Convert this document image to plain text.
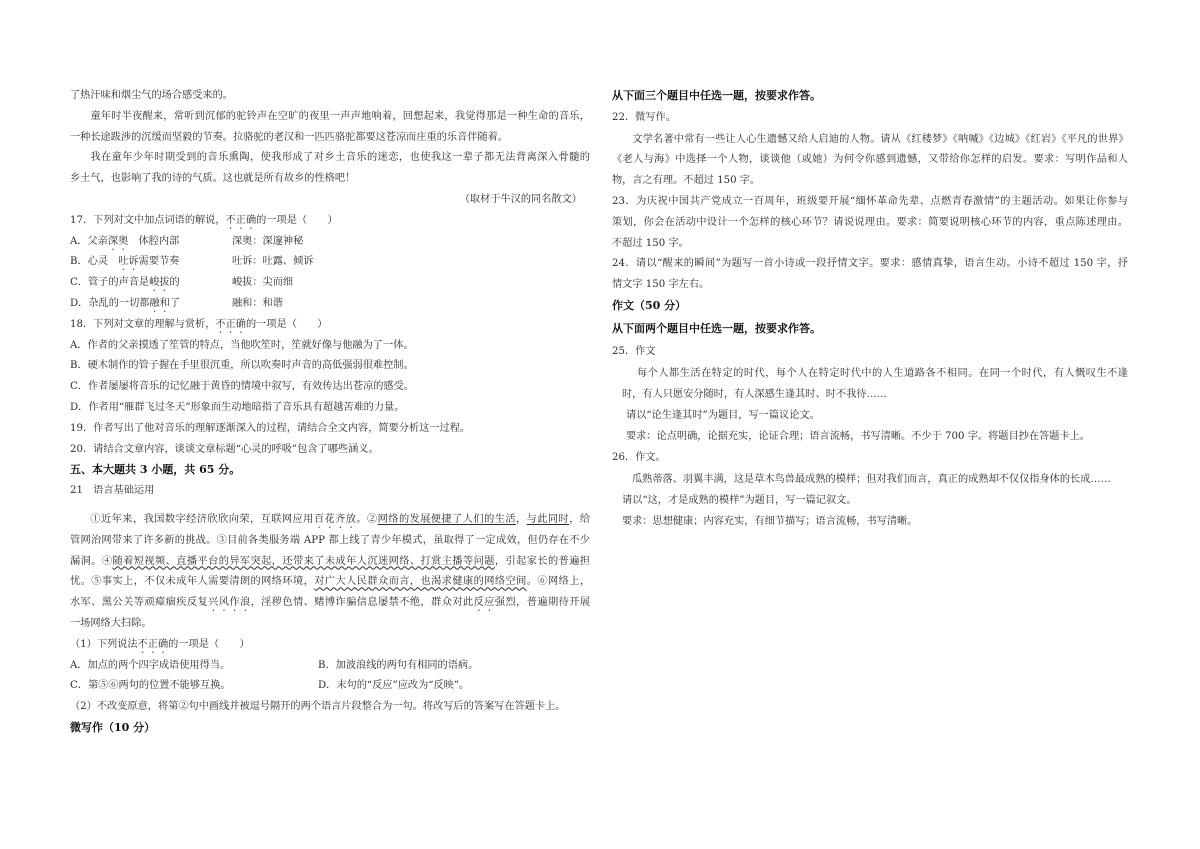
了热汗味和烟尘气的场合感受来的。
童年时半夜醒来，常听到沉郁的驼铃声在空旷的夜里一声声地响着，回想起来，我觉得那是一种生命的音乐，
一种长途跋涉的沉缓而坚毅的节奏。拉骆驼的老汉和一匹匹骆驼都要这苍凉而庄重的乐音伴随着。
我在童年少年时期受到的音乐熏陶，使我形成了对乡土音乐的迷恋，也使我这一辈子都无法背离深入骨髓的
乡土气，也影响了我的诗的气质。这也就是所有故乡的性格吧！
（取材于牛汉的同名散文）
17．下列对文中加点词语的解说，不正确的一项是（　　）
A．父亲深奥　体腔内部	深奥：深邃神秘
B．心灵　吐诉需要节奏	吐诉：吐露、倾诉
C．管子的声音是峻拔的	峻拔：尖而细
D．杂乱的一切都融和了	融和：和谐
18．下列对文章的理解与赏析，不正确的一项是（　　）
A．作者的父亲摸透了笙管的特点，当他吹笙时，笙就好像与他融为了一体。
B．硬木制作的管子握在手里很沉重，所以吹奏时声音的高低强弱很难控制。
C．作者屡屡将音乐的记忆融于黄昏的情境中叙写，有效传达出苍凉的感受。
D．作者用“雁群飞过冬天”形象而生动地暗指了音乐具有超越苦难的力量。
19．作者写出了他对音乐的理解逐渐深入的过程，请结合全文内容，简要分析这一过程。
20．请结合文章内容，谈谈文章标题“心灵的呼吸”包含了哪些涵义。
五、本大题共 3 小题，共 65 分。
21　语言基础运用
①近年来，我国数字经济欣欣向荣，互联网应用百花齐放。②网络的发展便捷了人们的生活，与此同时，给
管网治网带来了许多新的挑战。③目前各类服务端 APP 都上线了青少年模式，虽取得了一定成效，但仍存在不少
漏洞。④随着短视频、直播平台的异军突起，还带来了未成年人沉迷网络、打赏主播等问题，引起家长的普遍担
忧。⑤事实上，不仅未成年人需要清朗的网络环境，对广大人民群众而言，也渴求健康的网络空间。⑥网络上，
水军、黑公关等顽瘴痼疾反复兴风作浪，淫秽色情、赌博诈骗信息屡禁不绝，群众对此反应强烈，普遍期待开展
一场网络大扫除。
（1）下列说法不正确的一项是（　　）
A．加点的两个四字成语使用得当。	B．加波浪线的两句有相同的语病。
C．第⑤⑥两句的位置不能够互换。	D．末句的“反应”应改为“反映”。
（2）不改变原意，将第②句中画线并被逗号隔开的两个语言片段整合为一句。将改写后的答案写在答题卡上。
微写作（10 分）
从下面三个题目中任选一题，按要求作答。
22．微写作。
文学名著中常有一些让人心生遗憾又给人启迪的人物。请从《红楼梦》《呐喊》《边城》《红岩》《平凡的世界》
《老人与海》中选择一个人物，谈谈他（或她）为何令你感到遗憾，又带给你怎样的启发。要求：写明作品和人
物，言之有理。不超过 150 字。
23．为庆祝中国共产党成立一百周年，班级要开展“缅怀革命先辈、点燃青春激情”的主题活动。如果让你参与
策划，你会在活动中设计一个怎样的核心环节？请说说理由。要求：简要说明核心环节的内容，重点陈述理由。
不超过 150 字。
24．请以“醒来的瞬间”为题写一首小诗或一段抒情文字。要求：感情真挚，语言生动。小诗不超过 150 字，抒
情文字 150 字左右。
作文（50 分）
从下面两个题目中任选一题，按要求作答。
25．作文
每个人都生活在特定的时代，每个人在特定时代中的人生道路各不相同。在同一个时代，有人慨叹生不逢
时，有人只愿安分随时，有人深感生逢其时、时不我待……
请以“论生逢其时”为题目，写一篇议论文。
要求：论点明确，论据充实，论证合理；语言流畅，书写清晰。不少于 700 字。将题目抄在答题卡上。
26．作文。
瓜熟蒂落、羽翼丰满，这是草木鸟兽最成熟的模样；但对我们而言，真正的成熟却不仅仅指身体的长成……
请以“这，才是成熟的模样”为题目，写一篇记叙文。
要求：思想健康；内容充实，有细节描写；语言流畅，书写清晰。
